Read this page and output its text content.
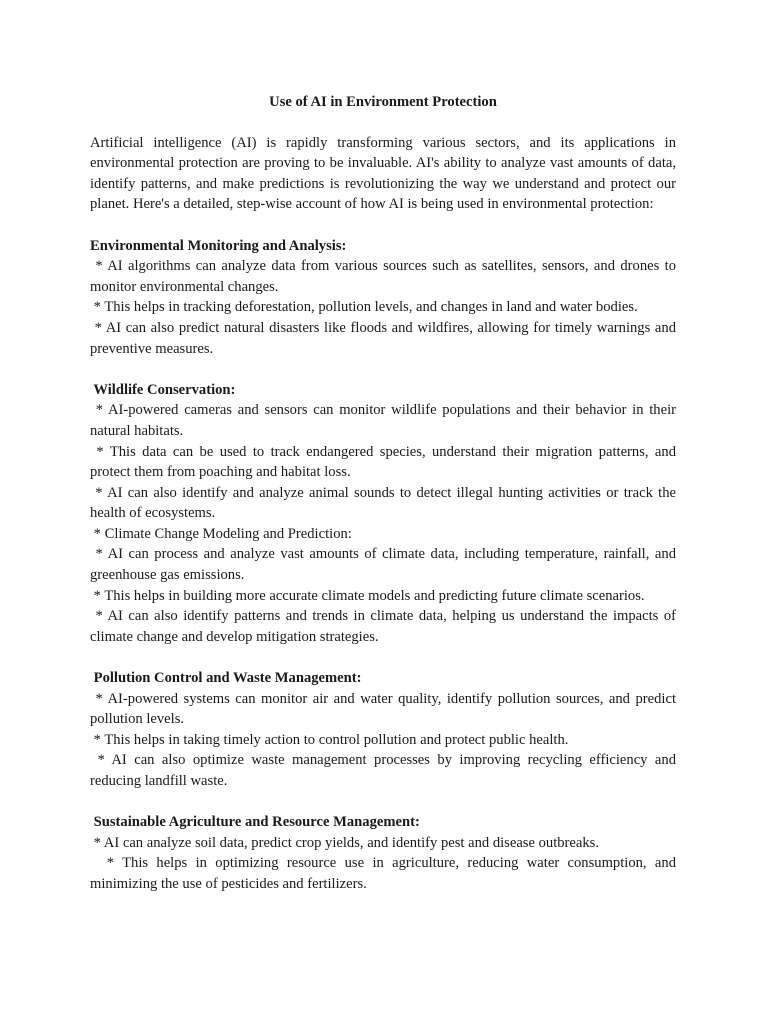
Use of AI in Environment Protection

Artificial intelligence (AI) is rapidly transforming various sectors, and its applications in environmental protection are proving to be invaluable. AI's ability to analyze vast amounts of data, identify patterns, and make predictions is revolutionizing the way we understand and protect our planet. Here's a detailed, step-wise account of how AI is being used in environmental protection:

Environmental Monitoring and Analysis:

* AI algorithms can analyze data from various sources such as satellites, sensors, and drones to monitor environmental changes.

* This helps in tracking deforestation, pollution levels, and changes in land and water bodies.

* AI can also predict natural disasters like floods and wildfires, allowing for timely warnings and preventive measures.

Wildlife Conservation:

* AI-powered cameras and sensors can monitor wildlife populations and their behavior in their natural habitats.

* This data can be used to track endangered species, understand their migration patterns, and protect them from poaching and habitat loss.

* AI can also identify and analyze animal sounds to detect illegal hunting activities or track the health of ecosystems.

* Climate Change Modeling and Prediction:

* AI can process and analyze vast amounts of climate data, including temperature, rainfall, and greenhouse gas emissions.

* This helps in building more accurate climate models and predicting future climate scenarios.

* AI can also identify patterns and trends in climate data, helping us understand the impacts of climate change and develop mitigation strategies.

Pollution Control and Waste Management:

* AI-powered systems can monitor air and water quality, identify pollution sources, and predict pollution levels.

* This helps in taking timely action to control pollution and protect public health.

* AI can also optimize waste management processes by improving recycling efficiency and reducing landfill waste.

Sustainable Agriculture and Resource Management:

* AI can analyze soil data, predict crop yields, and identify pest and disease outbreaks.

* This helps in optimizing resource use in agriculture, reducing water consumption, and minimizing the use of pesticides and fertilizers.
